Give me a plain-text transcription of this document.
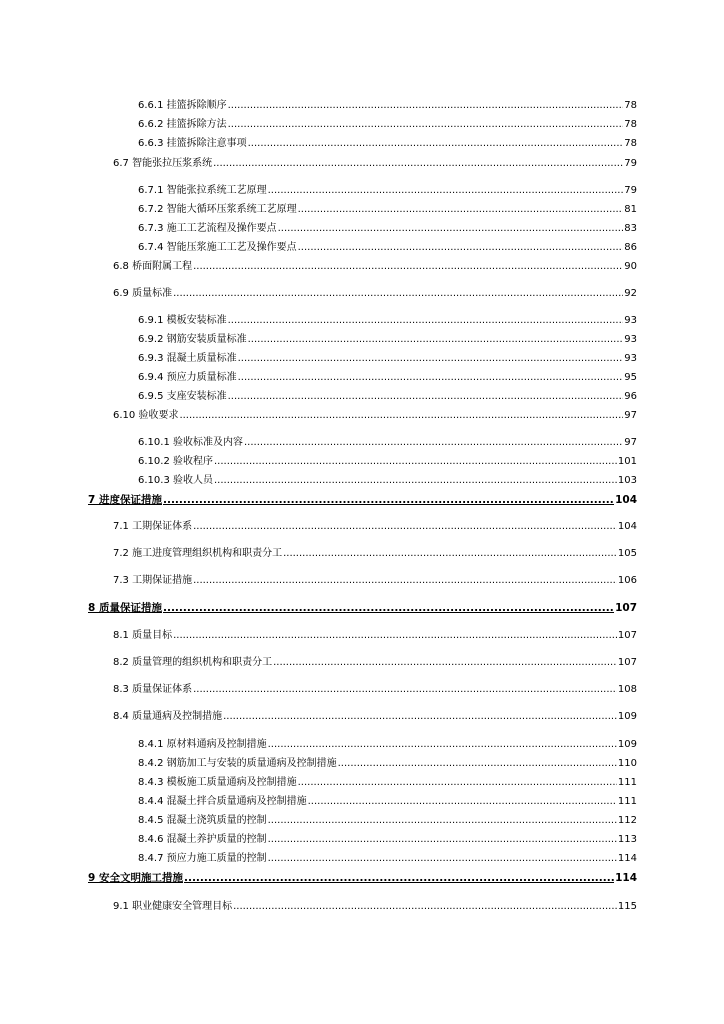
6.6.1 挂篮拆除顺序 .....	78
6.6.2 挂篮拆除方法 .....	78
6.6.3 挂篮拆除注意事项 .....	78
6.7 智能张拉压浆系统 .....	79
6.7.1 智能张拉系统工艺原理 .....	79
6.7.2 智能大循环压浆系统工艺原理 .....	81
6.7.3 施工工艺流程及操作要点 .....	83
6.7.4 智能压浆施工工艺及操作要点 .....	86
6.8 桥面附属工程 .....	90
6.9 质量标准 .....	92
6.9.1 模板安装标准 .....	93
6.9.2 钢筋安装质量标准 .....	93
6.9.3 混凝土质量标准 .....	93
6.9.4 预应力质量标准 .....	95
6.9.5 支座安装标准 .....	96
6.10 验收要求 .....	97
6.10.1 验收标准及内容 .....	97
6.10.2 验收程序 .....	101
6.10.3 验收人员 .....	103
7 进度保证措施 .....	104
7.1 工期保证体系 .....	104
7.2 施工进度管理组织机构和职责分工 .....	105
7.3 工期保证措施 .....	106
8 质量保证措施 .....	107
8.1 质量目标 .....	107
8.2 质量管理的组织机构和职责分工 .....	107
8.3 质量保证体系 .....	108
8.4 质量通病及控制措施 .....	109
8.4.1 原材料通病及控制措施 .....	109
8.4.2 钢筋加工与安装的质量通病及控制措施 .....	110
8.4.3 模板施工质量通病及控制措施 .....	111
8.4.4 混凝土拌合质量通病及控制措施 .....	111
8.4.5 混凝土浇筑质量的控制 .....	112
8.4.6 混凝土养护质量的控制 .....	113
8.4.7 预应力施工质量的控制 .....	114
9 安全文明施工措施 .....	114
9.1 职业健康安全管理目标 .....	115
